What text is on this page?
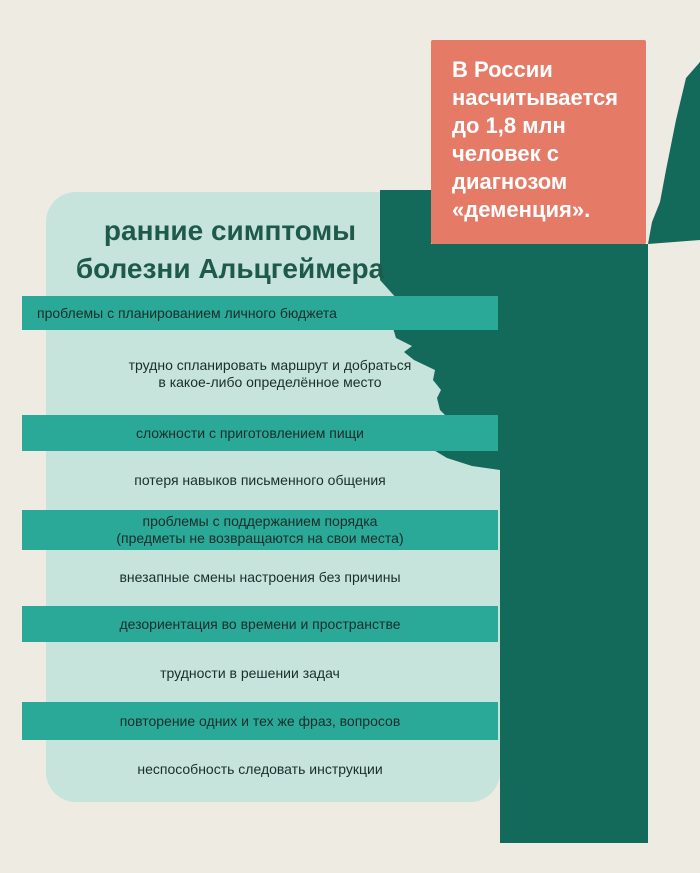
ранние симптомы
болезни Альцгеймера
В России
насчитывается
до 1,8 млн
человек с
диагнозом
«деменция».
проблемы с планированием личного бюджета
трудно спланировать маршрут и добраться
в какое-либо определённое место
сложности с приготовлением пищи
потеря навыков письменного общения
проблемы с поддержанием порядка
(предметы не возвращаются на свои места)
внезапные смены настроения без причины
дезориентация во времени и пространстве
трудности в решении задач
повторение одних и тех же фраз, вопросов
неспособность следовать инструкции
